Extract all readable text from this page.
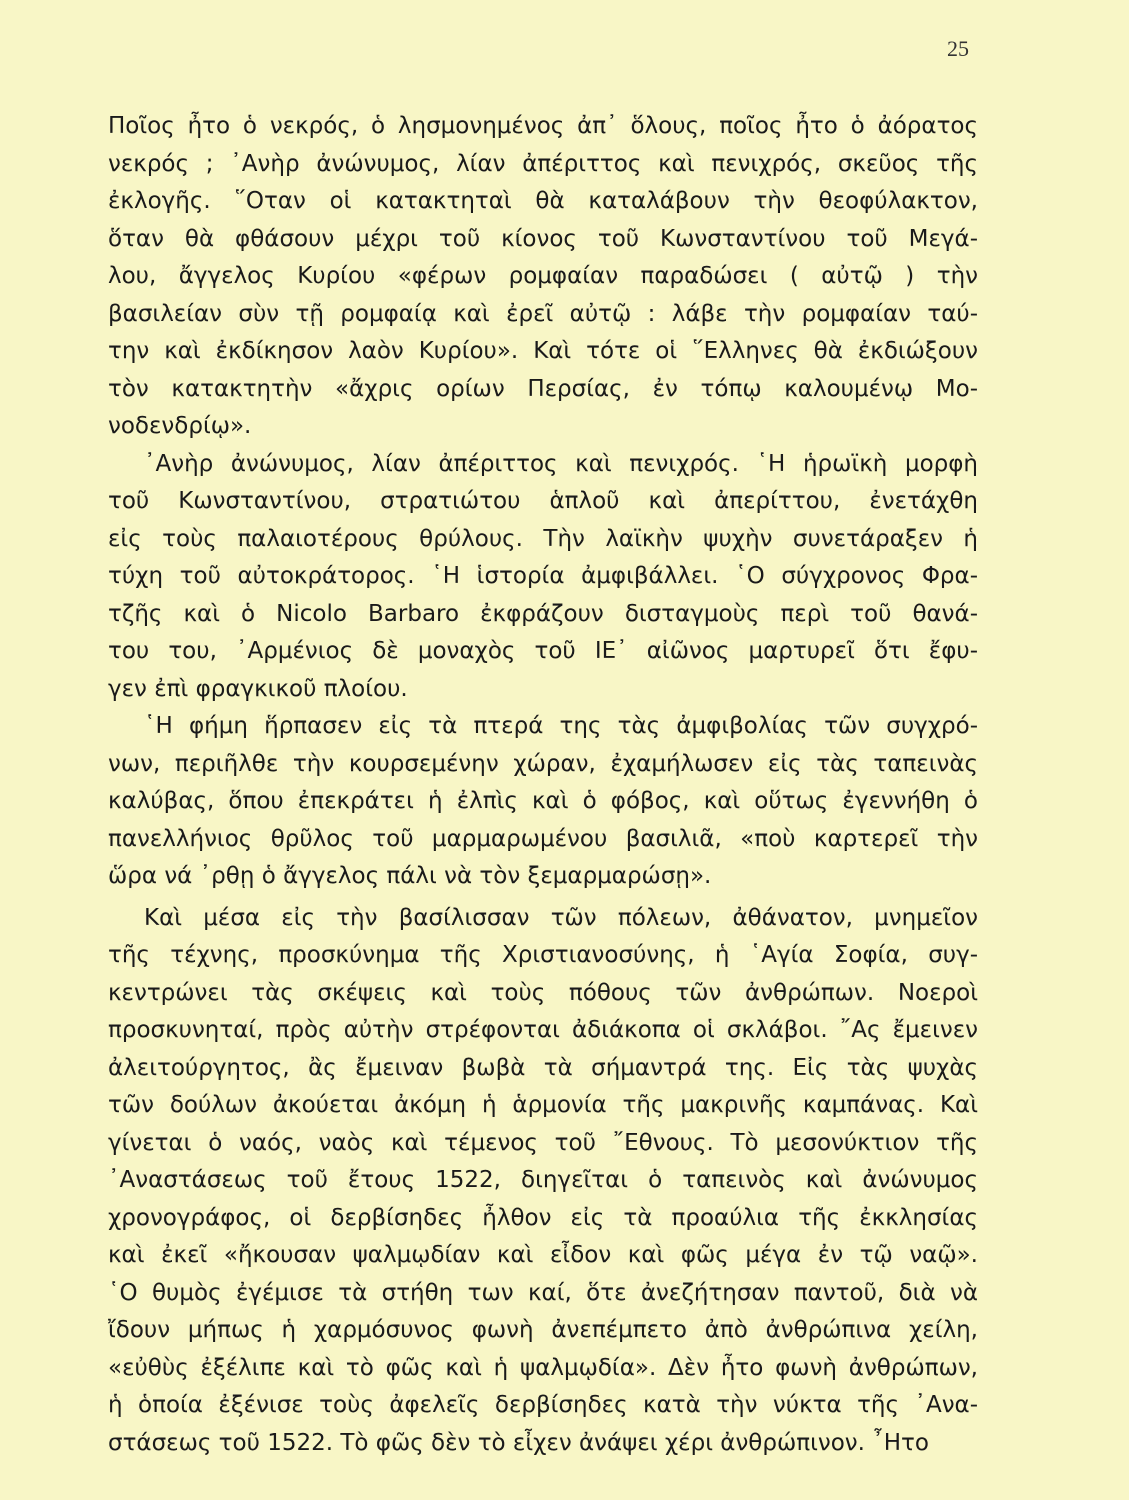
25
Ποῖος ἦτο ὁ νεκρός, ὁ λησμονημένος ἀπ᾽ ὅλους, ποῖος ἦτο ὁ ἀόρατος
νεκρός ; ᾽Ανὴρ ἀνώνυμος, λίαν ἀπέριττος καὶ πενιχρός, σκεῦος τῆς
ἐκλογῆς. ῞Οταν οἱ κατακτηταὶ θὰ καταλάβουν τὴν θεοφύλακτον,
ὅταν θὰ φθάσουν μέχρι τοῦ κίονος τοῦ Κωνσταντίνου τοῦ Μεγά-
λου, ἄγγελος Κυρίου «φέρων ρομφαίαν παραδώσει ( αὐτῷ ) τὴν
βασιλείαν σὺν τῇ ρομφαίᾳ καὶ ἐρεῖ αὐτῷ : λάβε τὴν ρομφαίαν ταύ-
την καὶ ἐκδίκησον λαὸν Κυρίου». Καὶ τότε οἱ ῞Ελληνες θὰ ἐκδιώξουν
τὸν κατακτητὴν «ἄχρις ορίων Περσίας, ἐν τόπῳ καλουμένῳ Μο-
νοδενδρίῳ».
᾽Ανὴρ ἀνώνυμος, λίαν ἀπέριττος καὶ πενιχρός. ῾Η ἡρωϊκὴ μορφὴ
τοῦ Κωνσταντίνου, στρατιώτου ἁπλοῦ καὶ ἀπερίττου, ἐνετάχθη
εἰς τοὺς παλαιοτέρους θρύλους. Τὴν λαϊκὴν ψυχὴν συνετάραξεν ἡ
τύχη τοῦ αὐτοκράτορος. ῾Η ἱστορία ἀμφιβάλλει. ῾Ο σύγχρονος Φρα-
τζῆς καὶ ὁ Nicolo Barbaro ἐκφράζουν δισταγμοὺς περὶ τοῦ θανά-
του του, ᾽Αρμένιος δὲ μοναχὸς τοῦ ΙΕ᾽ αἰῶνος μαρτυρεῖ ὅτι ἔφυ-
γεν ἐπὶ φραγκικοῦ πλοίου.
῾Η φήμη ἥρπασεν εἰς τὰ πτερά της τὰς ἀμφιβολίας τῶν συγχρό-
νων, περιῆλθε τὴν κουρσεμένην χώραν, ἐχαμήλωσεν εἰς τὰς ταπεινὰς
καλύβας, ὅπου ἐπεκράτει ἡ ἐλπὶς καὶ ὁ φόβος, καὶ οὕτως ἐγεννήθη ὁ
πανελλήνιος θρῦλος τοῦ μαρμαρωμένου βασιλιᾶ, «ποὺ καρτερεῖ τὴν
ὥρα νά ᾽ρθῃ ὁ ἄγγελος πάλι νὰ τὸν ξεμαρμαρώσῃ».
Καὶ μέσα εἰς τὴν βασίλισσαν τῶν πόλεων, ἀθάνατον, μνημεῖον
τῆς τέχνης, προσκύνημα τῆς Χριστιανοσύνης, ἡ ῾Αγία Σοφία, συγ-
κεντρώνει τὰς σκέψεις καὶ τοὺς πόθους τῶν ἀνθρώπων. Νοεροὶ
προσκυνηταί, πρὸς αὐτὴν στρέφονται ἀδιάκοπα οἱ σκλάβοι. ῎Ας ἔμεινεν
ἀλειτούργητος, ἂς ἔμειναν βωβὰ τὰ σήμαντρά της. Εἰς τὰς ψυχὰς
τῶν δούλων ἀκούεται ἀκόμη ἡ ἁρμονία τῆς μακρινῆς καμπάνας. Καὶ
γίνεται ὁ ναός, ναὸς καὶ τέμενος τοῦ ῎Εθνους. Τὸ μεσονύκτιον τῆς
᾽Αναστάσεως τοῦ ἔτους 1522, διηγεῖται ὁ ταπεινὸς καὶ ἀνώνυμος
χρονογράφος, οἱ δερβίσηδες ἦλθον εἰς τὰ προαύλια τῆς ἐκκλησίας
καὶ ἐκεῖ «ἤκουσαν ψαλμῳδίαν καὶ εἶδον καὶ φῶς μέγα ἐν τῷ ναῷ».
῾Ο θυμὸς ἐγέμισε τὰ στήθη των καί, ὅτε ἀνεζήτησαν παντοῦ, διὰ νὰ
ἴδουν μήπως ἡ χαρμόσυνος φωνὴ ἀνεπέμπετο ἀπὸ ἀνθρώπινα χείλη,
«εὐθὺς ἐξέλιπε καὶ τὸ φῶς καὶ ἡ ψαλμῳδία». Δὲν ἦτο φωνὴ ἀνθρώπων,
ἡ ὁποία ἐξένισε τοὺς ἀφελεῖς δερβίσηδες κατὰ τὴν νύκτα τῆς ᾽Ανα-
στάσεως τοῦ 1522. Τὸ φῶς δὲν τὸ εἶχεν ἀνάψει χέρι ἀνθρώπινον. ῏Ητο
